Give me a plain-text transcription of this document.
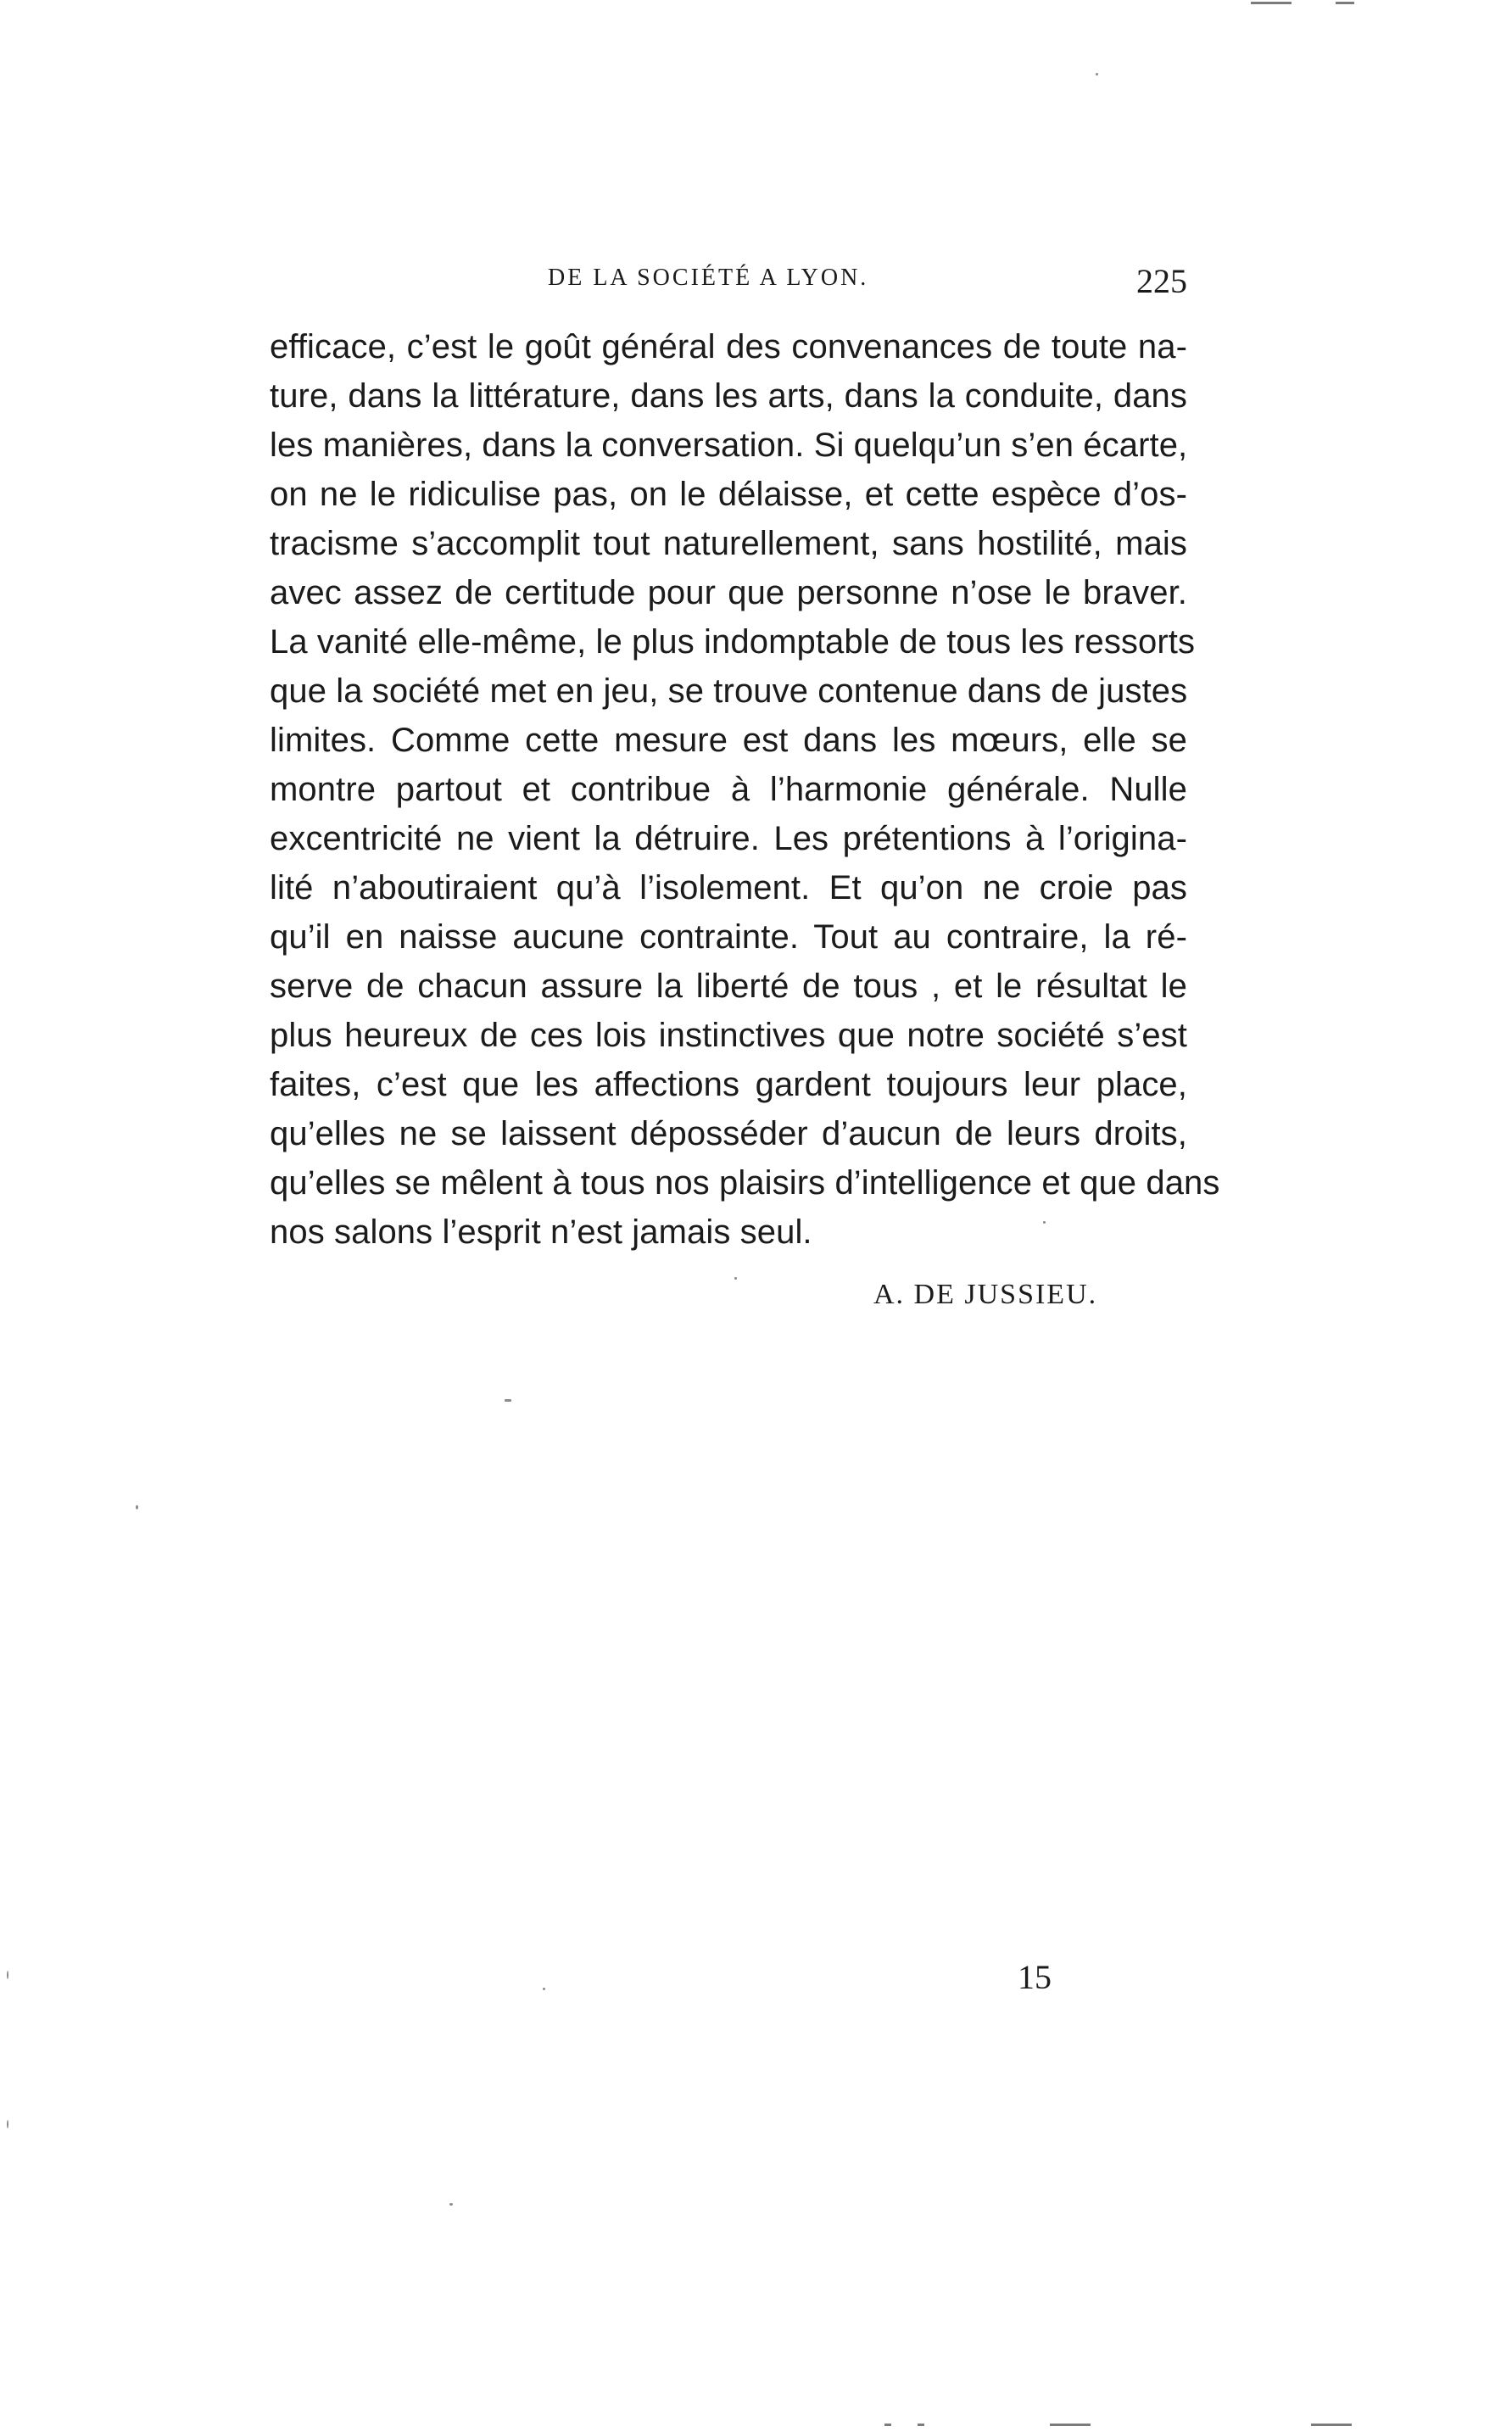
DE LA SOCIÉTÉ A LYON.	225
efficace, c’est le goût général des convenances de toute na-
ture, dans la littérature, dans les arts, dans la conduite, dans
les manières, dans la conversation. Si quelqu’un s’en écarte,
on ne le ridiculise pas, on le délaisse, et cette espèce d’os-
tracisme s’accomplit tout naturellement, sans hostilité, mais
avec assez de certitude pour que personne n’ose le braver.
La vanité elle-même, le plus indomptable de tous les ressorts
que la société met en jeu, se trouve contenue dans de justes
limites. Comme cette mesure est dans les mœurs, elle se
montre partout et contribue à l’harmonie générale. Nulle
excentricité ne vient la détruire. Les prétentions à l’origina-
lité n’aboutiraient qu’à l’isolement. Et qu’on ne croie pas
qu’il en naisse aucune contrainte. Tout au contraire, la ré-
serve de chacun assure la liberté de tous , et le résultat le
plus heureux de ces lois instinctives que notre société s’est
faites, c’est que les affections gardent toujours leur place,
qu’elles ne se laissent déposséder d’aucun de leurs droits,
qu’elles se mêlent à tous nos plaisirs d’intelligence et que dans
nos salons l’esprit n’est jamais seul.
A. DE JUSSIEU.
15
